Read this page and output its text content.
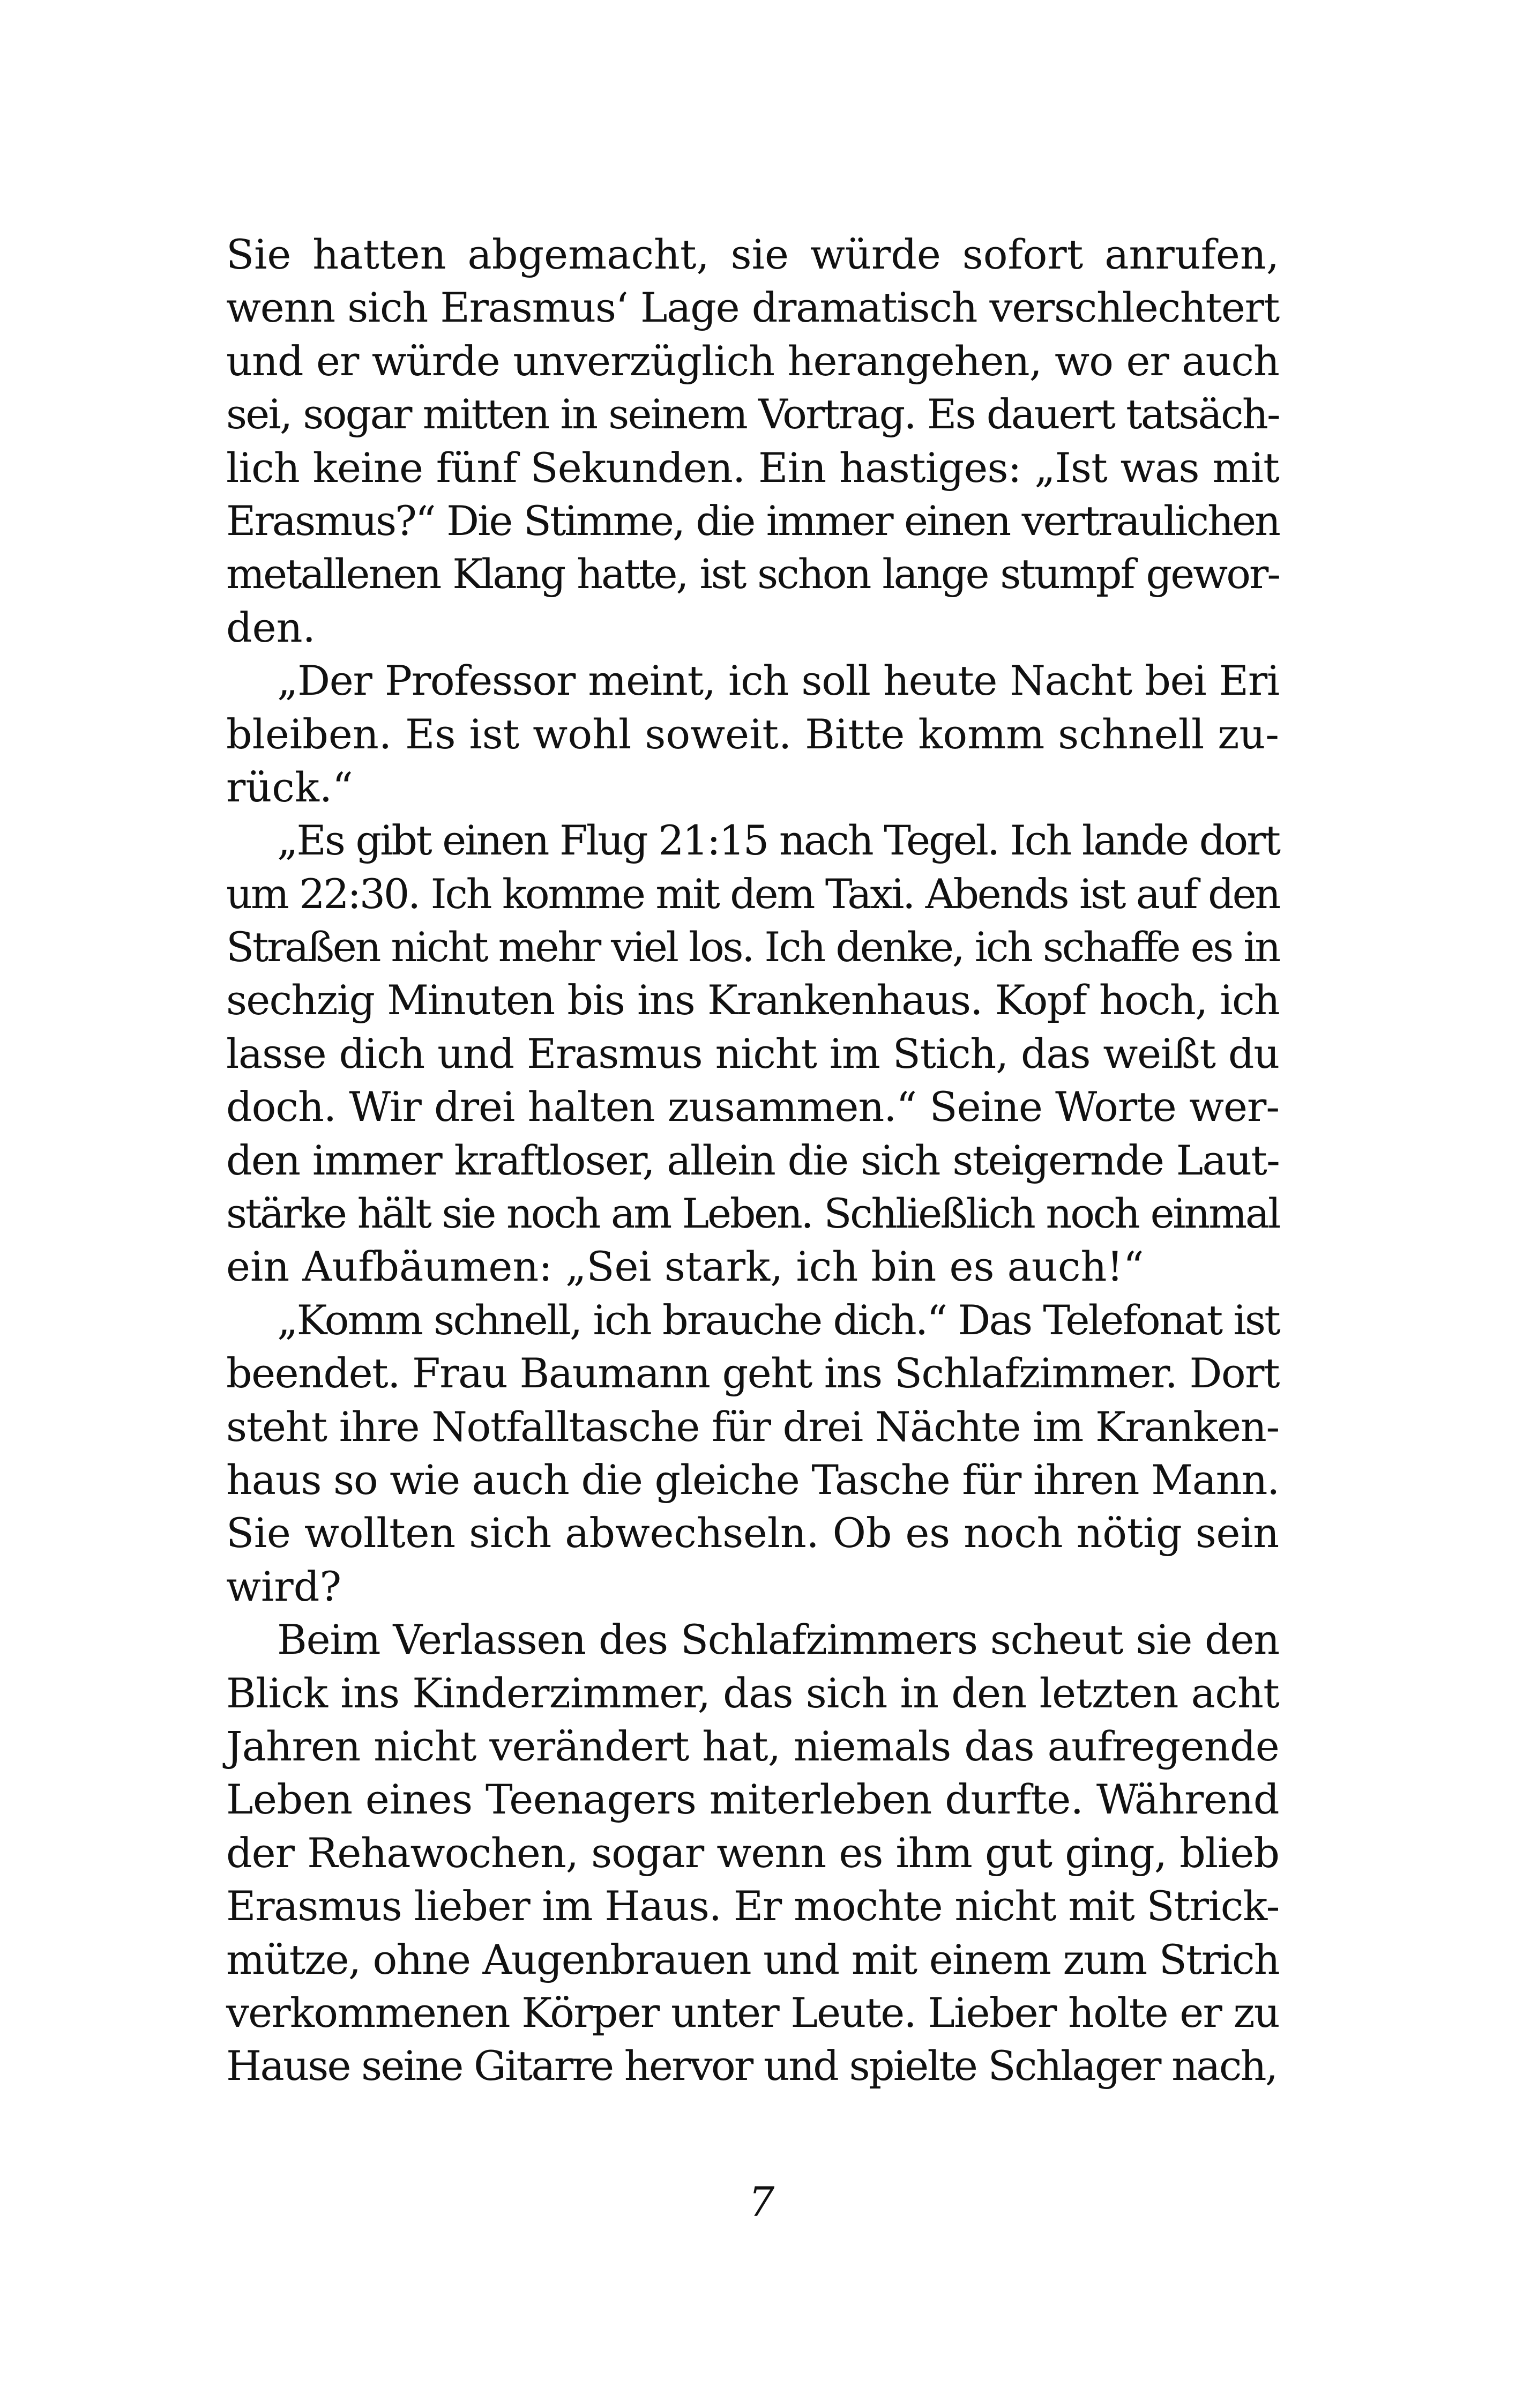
Sie hatten abgemacht, sie würde sofort anrufen,
wenn sich Erasmus‘ Lage dramatisch verschlechtert
und er würde unverzüglich herangehen, wo er auch
sei, sogar mitten in seinem Vortrag. Es dauert tatsäch-
lich keine fünf Sekunden. Ein hastiges: „Ist was mit
Erasmus?“ Die Stimme, die immer einen vertraulichen
metallenen Klang hatte, ist schon lange stumpf gewor-
den.
„Der Professor meint, ich soll heute Nacht bei Eri
bleiben. Es ist wohl soweit. Bitte komm schnell zu-
rück.“
„Es gibt einen Flug 21:15 nach Tegel. Ich lande dort
um 22:30. Ich komme mit dem Taxi. Abends ist auf den
Straßen nicht mehr viel los. Ich denke, ich schaffe es in
sechzig Minuten bis ins Krankenhaus. Kopf hoch, ich
lasse dich und Erasmus nicht im Stich, das weißt du
doch. Wir drei halten zusammen.“ Seine Worte wer-
den immer kraftloser, allein die sich steigernde Laut-
stärke hält sie noch am Leben. Schließlich noch einmal
ein Aufbäumen: „Sei stark, ich bin es auch!“
„Komm schnell, ich brauche dich.“ Das Telefonat ist
beendet. Frau Baumann geht ins Schlafzimmer. Dort
steht ihre Notfalltasche für drei Nächte im Kranken-
haus so wie auch die gleiche Tasche für ihren Mann.
Sie wollten sich abwechseln. Ob es noch nötig sein
wird?
Beim Verlassen des Schlafzimmers scheut sie den
Blick ins Kinderzimmer, das sich in den letzten acht
Jahren nicht verändert hat, niemals das aufregende
Leben eines Teenagers miterleben durfte. Während
der Rehawochen, sogar wenn es ihm gut ging, blieb
Erasmus lieber im Haus. Er mochte nicht mit Strick-
mütze, ohne Augenbrauen und mit einem zum Strich
verkommenen Körper unter Leute. Lieber holte er zu
Hause seine Gitarre hervor und spielte Schlager nach,
7
